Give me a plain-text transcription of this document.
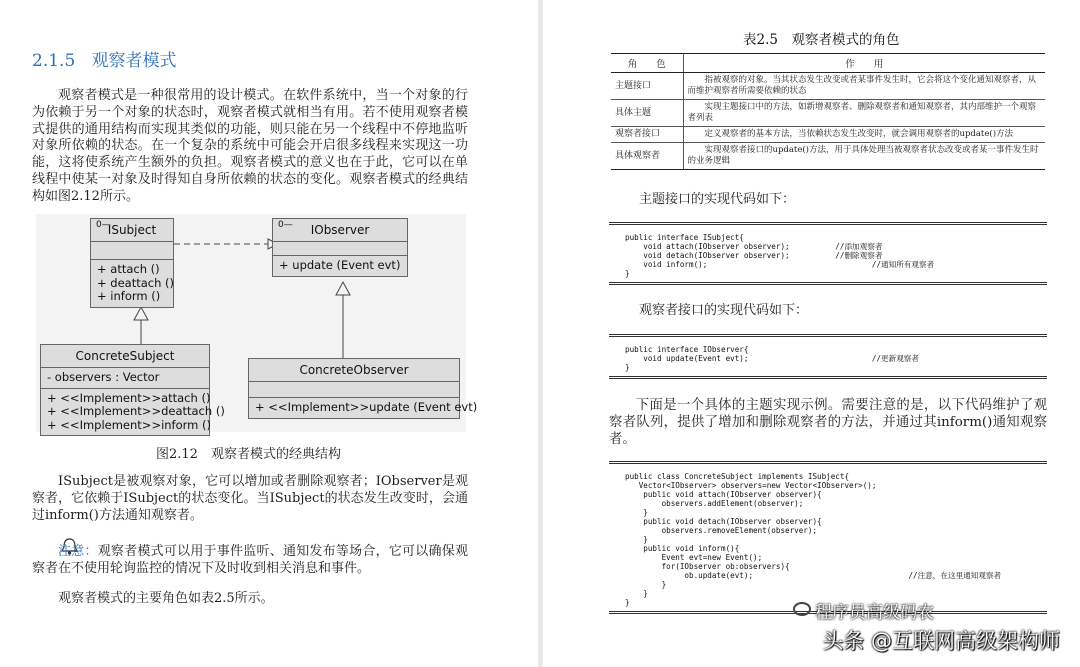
2.1.5 观察者模式

观察者模式是一种很常用的设计模式。在软件系统中，当一个对象的行为依赖于另一个对象的状态时，观察者模式就相当有用。若不使用观察者模式提供的通用结构而实现其类似的功能，则只能在另一个线程中不停地监听对象所依赖的状态。在一个复杂的系统中可能会开启很多线程来实现这一功能，这将使系统产生额外的负担。观察者模式的意义也在于此，它可以在单线程中使某一对象及时得知自身所依赖的状态的变化。观察者模式的经典结构如图2.12所示。

0—
ISubject
+ attach ()
+ deattach ()
+ inform ()
0— IObserver
+ update (Event evt)
ConcreteSubject
- observers : Vector
+ <<Implement>>attach ()
+ <<Implement>>deattach ()
+ <<Implement>>inform ()
ConcreteObserver
+ <<Implement>>update (Event evt)
图2.12　观察者模式的经典结构

ISubject是被观察对象，它可以增加或者删除观察者；IObserver是观察者，它依赖于ISubject的状态变化。当ISubject的状态发生改变时，会通过inform()方法通知观察者。

注意：观察者模式可以用于事件监听、通知发布等场合，它可以确保观察者在不使用轮询监控的情况下及时收到相关消息和事件。

观察者模式的主要角色如表2.5所示。

表2.5　观察者模式的角色
角　　色	作　　用
主题接口	指被观察的对象。当其状态发生改变或者某事件发生时，它会将这个变化通知观察者，从而维护观察者所需要依赖的状态
具体主题	实现主题接口中的方法，如新增观察者、删除观察者和通知观察者，其内部维护一个观察者列表
观察者接口	定义观察者的基本方法，当依赖状态发生改变时，就会调用观察者的update()方法
具体观察者	实现观察者接口的update()方法，用于具体处理当被观察者状态改变或者某一事件发生时的业务逻辑

主题接口的实现代码如下：

public interface ISubject{
void attach(IObserver observer);          //添加观察者
void detach(IObserver observer);          //删除观察者
void inform();                                    //通知所有观察者
}

观察者接口的实现代码如下：

public interface IObserver{
void update(Event evt);                           //更新观察者
}

下面是一个具体的主题实现示例。需要注意的是，以下代码维护了观察者队列，提供了增加和删除观察者的方法，并通过其inform()通知观察者。

public class ConcreteSubject implements ISubject{
Vector<IObserver> observers=new Vector<IObserver>();
public void attach(IObserver observer){
observers.addElement(observer);
}
public void detach(IObserver observer){
observers.removeElement(observer);
}
public void inform(){
Event evt=new Event();
for(IObserver ob:observers){
ob.update(evt);                                  //注意，在这里通知观察者
}
}
}
程序员高级码农
头条 @互联网高级架构师
